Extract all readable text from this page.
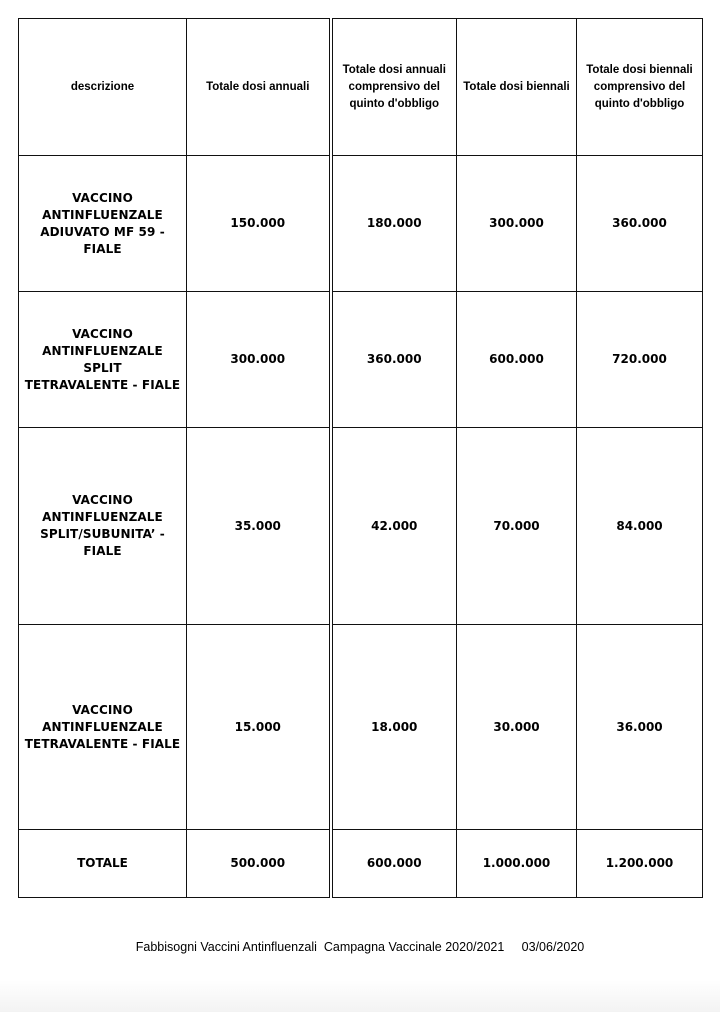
descrizione	Totale dosi annuali	Totale dosi annuali comprensivo del quinto d'obbligo	Totale dosi biennali	Totale dosi biennali comprensivo del quinto d'obbligo

VACCINO
ANTINFLUENZALE
ADIUVATO MF 59 -
FIALE	150.000	180.000	300.000	360.000

VACCINO
ANTINFLUENZALE SPLIT
TETRAVALENTE - FIALE	300.000	360.000	600.000	720.000

VACCINO
ANTINFLUENZALE
SPLIT/SUBUNITA’ -
FIALE	35.000	42.000	70.000	84.000

VACCINO
ANTINFLUENZALE
TETRAVALENTE - FIALE	15.000	18.000	30.000	36.000
TOTALE	500.000	600.000	1.000.000	1.200.000
Fabbisogni Vaccini Antinfluenzali  Campagna Vaccinale 2020/2021     03/06/2020
